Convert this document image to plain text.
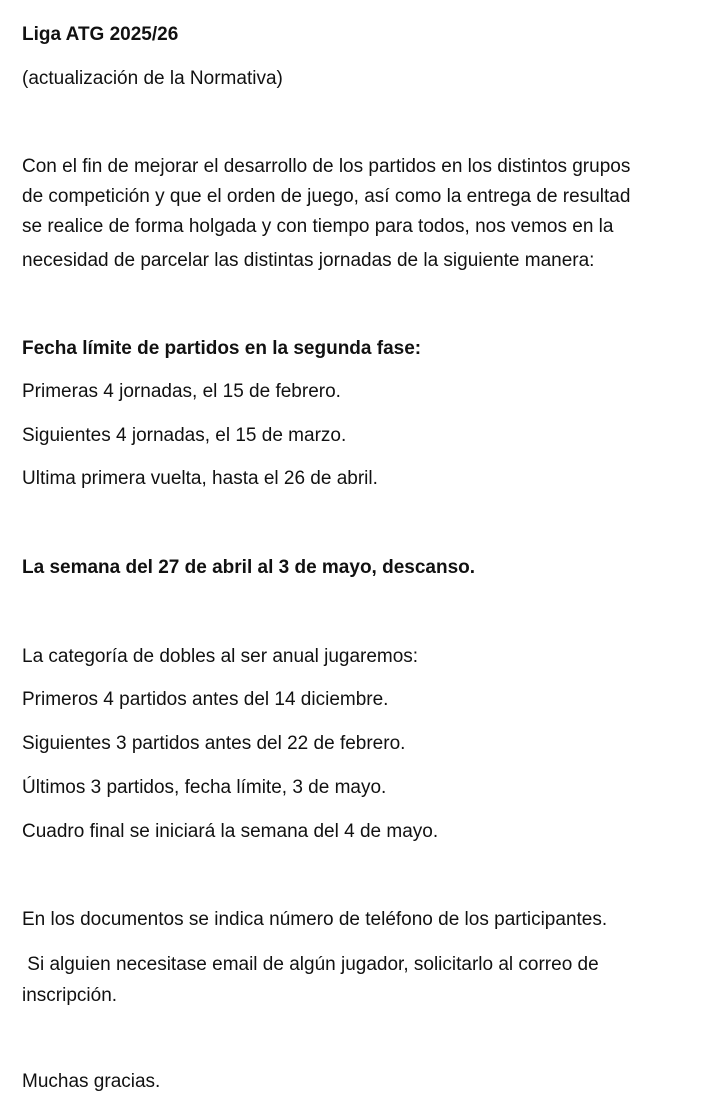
Liga ATG 2025/26
(actualización de la Normativa)
Con el fin de mejorar el desarrollo de los partidos en los distintos grupos
de competición y que el orden de juego, así como la entrega de resultad
se realice de forma holgada y con tiempo para todos, nos vemos en la
necesidad de parcelar las distintas jornadas de la siguiente manera:
Fecha límite de partidos en la segunda fase:
Primeras 4 jornadas, el 15 de febrero.
Siguientes 4 jornadas, el 15 de marzo.
Ultima primera vuelta, hasta el 26 de abril.
La semana del 27 de abril al 3 de mayo, descanso.
La categoría de dobles al ser anual jugaremos:
Primeros 4 partidos antes del 14 diciembre.
Siguientes 3 partidos antes del 22 de febrero.
Últimos 3 partidos, fecha límite, 3 de mayo.
Cuadro final se iniciará la semana del 4 de mayo.
En los documentos se indica número de teléfono de los participantes.
Si alguien necesitase email de algún jugador, solicitarlo al correo de
inscripción.
Muchas gracias.
